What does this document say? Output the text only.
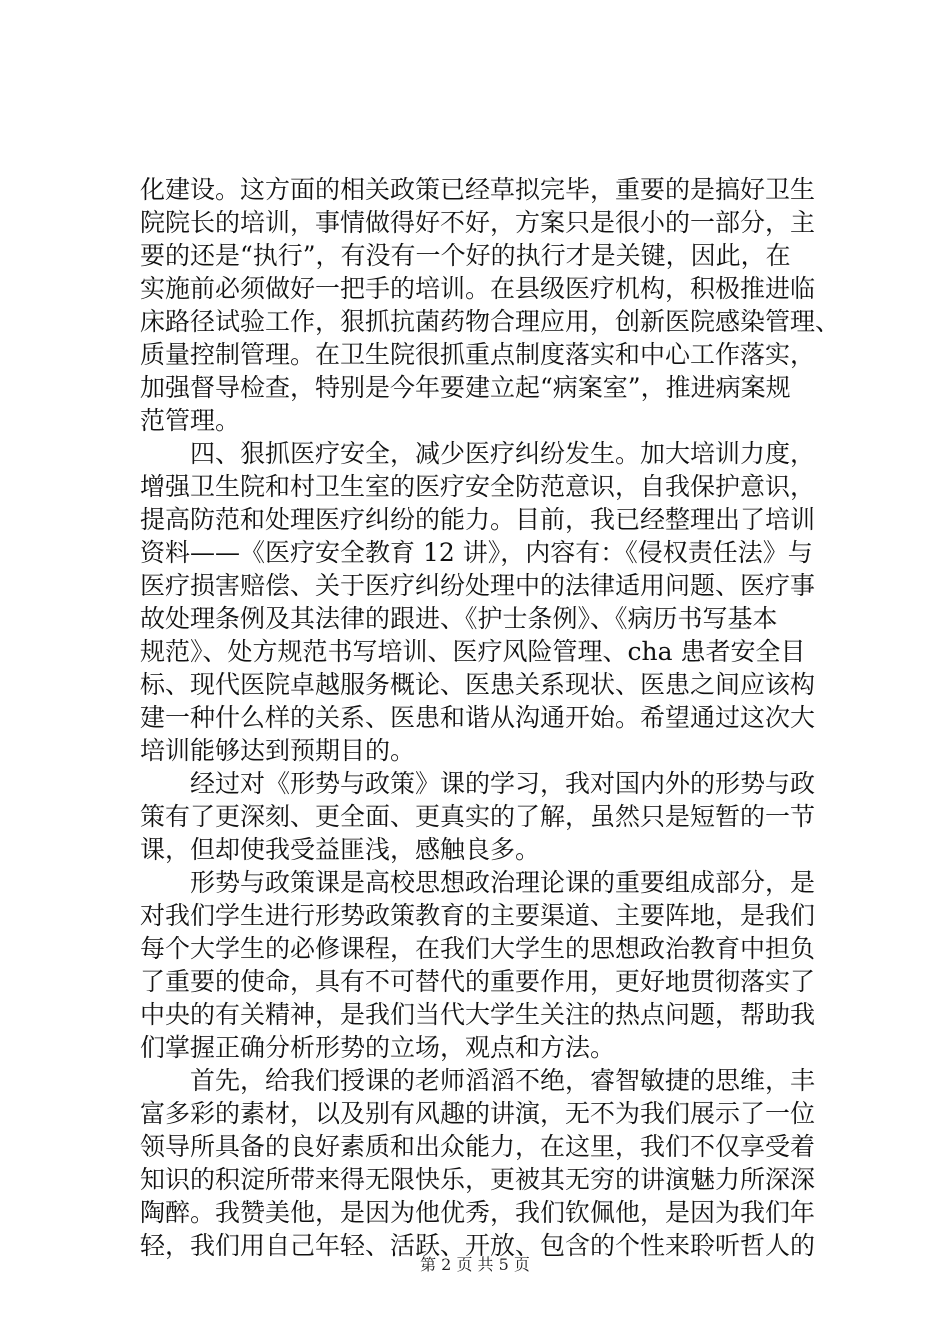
化建设。这方面的相关政策已经草拟完毕，重要的是搞好卫生
院院长的培训，事情做得好不好，方案只是很小的一部分，主
要的还是“执行”，有没有一个好的执行才是关键，因此，在
实施前必须做好一把手的培训。在县级医疗机构，积极推进临
床路径试验工作，狠抓抗菌药物合理应用，创新医院感染管理、
质量控制管理。在卫生院很抓重点制度落实和中心工作落实，
加强督导检查，特别是今年要建立起“病案室”，推进病案规
范管理。
四、狠抓医疗安全，减少医疗纠纷发生。加大培训力度，
增强卫生院和村卫生室的医疗安全防范意识，自我保护意识，
提高防范和处理医疗纠纷的能力。目前，我已经整理出了培训
资料——《医疗安全教育 12 讲》，内容有：《侵权责任法》与
医疗损害赔偿、关于医疗纠纷处理中的法律适用问题、医疗事
故处理条例及其法律的跟进、《护士条例》、《病历书写基本
规范》、处方规范书写培训、医疗风险管理、cha 患者安全目
标、现代医院卓越服务概论、医患关系现状、医患之间应该构
建一种什么样的关系、医患和谐从沟通开始。希望通过这次大
培训能够达到预期目的。
经过对《形势与政策》课的学习，我对国内外的形势与政
策有了更深刻、更全面、更真实的了解，虽然只是短暂的一节
课，但却使我受益匪浅，感触良多。
形势与政策课是高校思想政治理论课的重要组成部分，是
对我们学生进行形势政策教育的主要渠道、主要阵地，是我们
每个大学生的必修课程，在我们大学生的思想政治教育中担负
了重要的使命，具有不可替代的重要作用，更好地贯彻落实了
中央的有关精神，是我们当代大学生关注的热点问题，帮助我
们掌握正确分析形势的立场，观点和方法。
首先，给我们授课的老师滔滔不绝，睿智敏捷的思维，丰
富多彩的素材，以及别有风趣的讲演，无不为我们展示了一位
领导所具备的良好素质和出众能力，在这里，我们不仅享受着
知识的积淀所带来得无限快乐，更被其无穷的讲演魅力所深深
陶醉。我赞美他，是因为他优秀，我们钦佩他，是因为我们年
轻，我们用自己年轻、活跃、开放、包含的个性来聆听哲人的
第 2 页 共 5 页
